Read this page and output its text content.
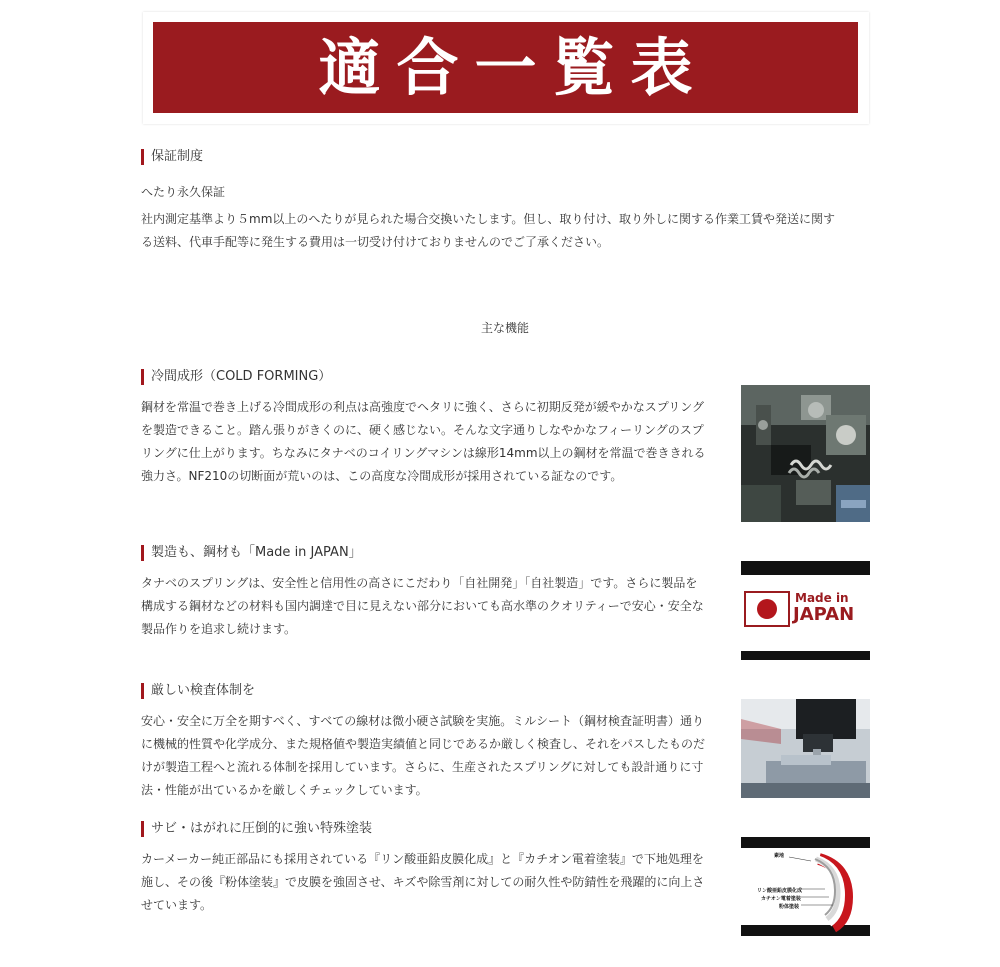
適合一覧表
保証制度
へたり永久保証
社内測定基準より５mm以上のへたりが見られた場合交換いたします。但し、取り付け、取り外しに関する作業工賃や発送に関す
る送料、代車手配等に発生する費用は一切受け付けておりませんのでご了承ください。
主な機能
冷間成形（COLD FORMING）
鋼材を常温で巻き上げる冷間成形の利点は高強度でヘタリに強く、さらに初期反発が緩やかなスプリング
を製造できること。踏ん張りがきくのに、硬く感じない。そんな文字通りしなやかなフィーリングのスプ
リングに仕上がります。ちなみにタナベのコイリングマシンは線形14mm以上の鋼材を常温で巻ききれる
強力さ。NF210の切断面が荒いのは、この高度な冷間成形が採用されている証なのです。
製造も、鋼材も「Made in JAPAN」
タナベのスプリングは、安全性と信用性の高さにこだわり「自社開発」「自社製造」です。さらに製品を
構成する鋼材などの材料も国内調達で目に見えない部分においても高水準のクオリティーで安心・安全な
製品作りを追求し続けます。
Made in
JAPAN
厳しい検査体制を
安心・安全に万全を期すべく、すべての線材は微小硬さ試験を実施。ミルシート（鋼材検査証明書）通り
に機械的性質や化学成分、また規格値や製造実績値と同じであるか厳しく検査し、それをパスしたものだ
けが製造工程へと流れる体制を採用しています。さらに、生産されたスプリングに対しても設計通りに寸
法・性能が出ているかを厳しくチェックしています。
サビ・はがれに圧倒的に強い特殊塗装
カーメーカー純正部品にも採用されている『リン酸亜鉛皮膜化成』と『カチオン電着塗装』で下地処理を
施し、その後『粉体塗装』で皮膜を強固させ、キズや除雪剤に対しての耐久性や防錆性を飛躍的に向上さ
せています。
素地
リン酸亜鉛皮膜化成
カチオン電着塗装
粉体塗装
